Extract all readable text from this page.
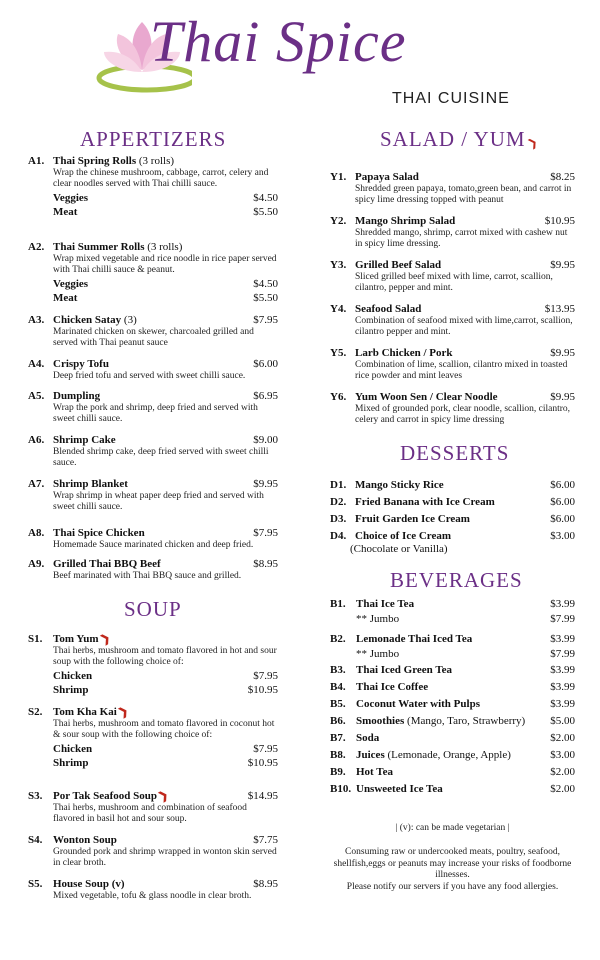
Thai Spice
THAI CUISINE
APPERTIZERS
A1. Thai Spring Rolls (3 rolls)
Wrap the chinese mushroom, cabbage, carrot, celery and clear noodles served with Thai chilli sauce.
Veggies	$4.50
Meat	$5.50
A2. Thai Summer Rolls (3 rolls)
Wrap mixed vegetable and rice noodle in rice paper served with Thai chilli sauce & peanut.
Veggies	$4.50
Meat	$5.50
A3. Chicken Satay (3)	$7.95
Marinated chicken on skewer, charcoaled grilled and served with Thai peanut sauce
A4. Crispy Tofu	$6.00
Deep fried tofu and served with sweet chilli sauce.
A5. Dumpling	$6.95
Wrap the pork and shrimp, deep fried and served with sweet chilli sauce.
A6. Shrimp Cake	$9.00
Blended shrimp cake, deep fried served with sweet chilli sauce.
A7. Shrimp Blanket	$9.95
Wrap shrimp in wheat paper deep fried and served with sweet chilli sauce.
A8. Thai Spice Chicken	$7.95
Homemade Sauce marinated chicken and deep fried.
A9. Grilled Thai BBQ Beef	$8.95
Beef marinated with Thai BBQ sauce and grilled.
SOUP
S1. Tom Yum❯
Thai herbs, mushroom and tomato flavored in hot and sour soup with the following choice of:
Chicken	$7.95
Shrimp	$10.95
S2. Tom Kha Kai❯
Thai herbs, mushroom and tomato flavored in coconut hot & sour soup with the following choice of:
Chicken	$7.95
Shrimp	$10.95
S3. Por Tak Seafood Soup❯	$14.95
Thai herbs, mushroom and combination of seafood flavored in basil hot and sour soup.
S4. Wonton Soup	$7.75
Grounded pork and shrimp wrapped in wonton skin served in clear broth.
S5. House Soup (v)	$8.95
Mixed vegetable, tofu & glass noodle in clear broth.
SALAD / YUM❯
Y1. Papaya Salad	$8.25
Shredded green papaya, tomato,green bean, and carrot in spicy lime dressing topped with peanut
Y2. Mango Shrimp Salad	$10.95
Shredded mango, shrimp, carrot mixed with cashew nut in spicy lime dressing.
Y3. Grilled Beef Salad	$9.95
Sliced grilled beef mixed with lime, carrot, scallion, cilantro, pepper and mint.
Y4. Seafood Salad	$13.95
Combination of seafood mixed with lime,carrot, scallion, cilantro pepper and mint.
Y5. Larb Chicken / Pork	$9.95
Combination of lime, scallion, cilantro mixed in toasted rice powder and mint leaves
Y6. Yum Woon Sen / Clear Noodle	$9.95
Mixed of grounded pork, clear noodle, scallion, cilantro, celery and carrot in spicy lime dressing
DESSERTS
D1. Mango Sticky Rice	$6.00
D2. Fried Banana with Ice Cream	$6.00
D3. Fruit Garden Ice Cream	$6.00
D4. Choice of Ice Cream	$3.00
(Chocolate or Vanilla)
BEVERAGES
B1. Thai Ice Tea	$3.99
** Jumbo	$7.99
B2. Lemonade Thai Iced Tea	$3.99
** Jumbo	$7.99
B3. Thai Iced Green Tea	$3.99
B4. Thai Ice Coffee	$3.99
B5. Coconut Water with Pulps	$3.99
B6. Smoothies (Mango, Taro, Strawberry)	$5.00
B7. Soda	$2.00
B8. Juices (Lemonade, Orange, Apple)	$3.00
B9. Hot Tea	$2.00
B10. Unsweeted Ice Tea	$2.00
| (v): can be made vegetarian |
Consuming raw or undercooked meats, poultry, seafood, shellfish,eggs or peanuts may increase your risks of foodborne illnesses.
Please notify our servers if you have any food allergies.
